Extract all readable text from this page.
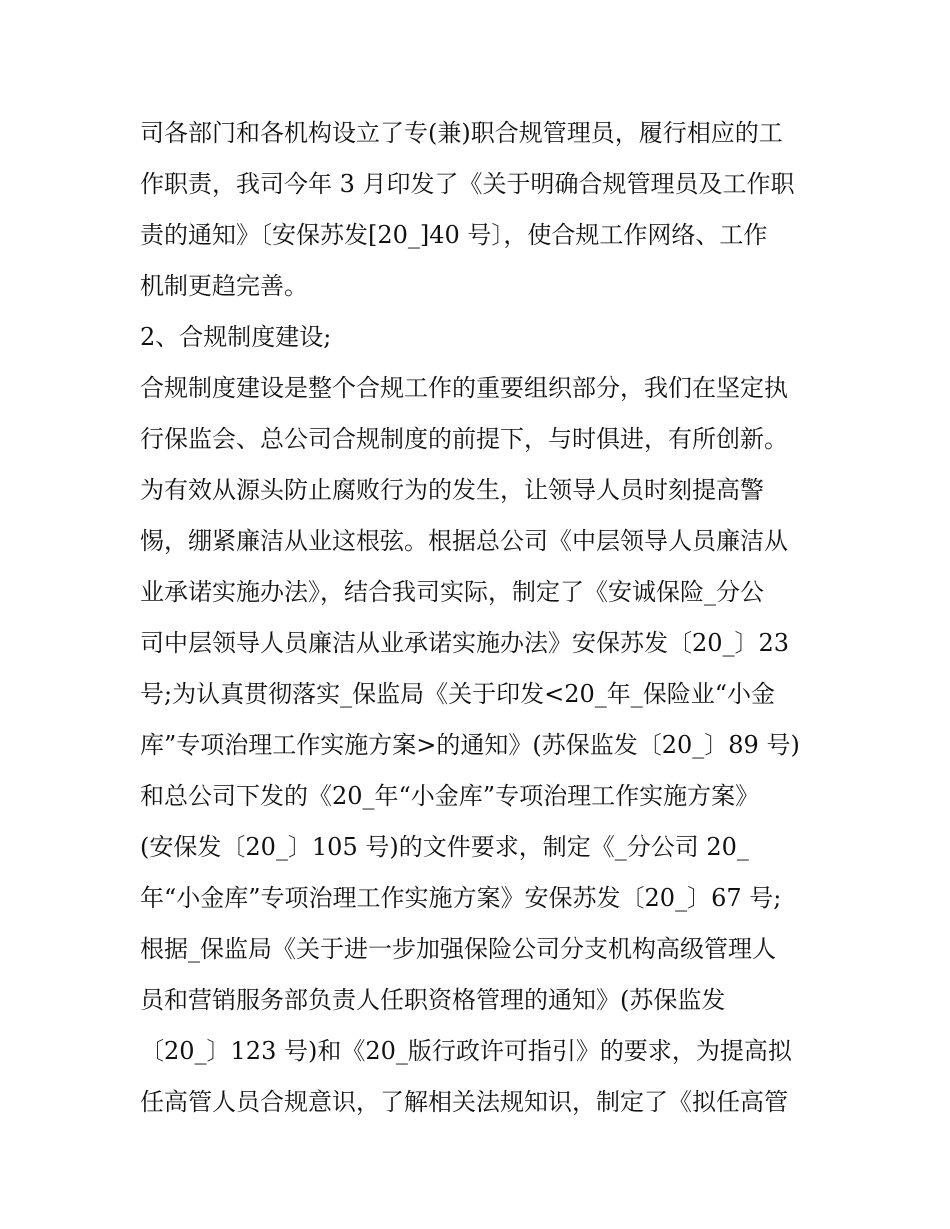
司各部门和各机构设立了专(兼)职合规管理员，履行相应的工
作职责，我司今年 3 月印发了《关于明确合规管理员及工作职
责的通知》〔安保苏发[20_]40 号〕，使合规工作网络、工作
机制更趋完善。
2、合规制度建设;
合规制度建设是整个合规工作的重要组织部分，我们在坚定执
行保监会、总公司合规制度的前提下，与时俱进，有所创新。
为有效从源头防止腐败行为的发生，让领导人员时刻提高警
惕，绷紧廉洁从业这根弦。根据总公司《中层领导人员廉洁从
业承诺实施办法》，结合我司实际，制定了《安诚保险_分公
司中层领导人员廉洁从业承诺实施办法》安保苏发〔20_〕23
号;为认真贯彻落实_保监局《关于印发<20_年_保险业“小金
库”专项治理工作实施方案>的通知》(苏保监发〔20_〕89 号)
和总公司下发的《20_年“小金库”专项治理工作实施方案》
(安保发〔20_〕105 号)的文件要求，制定《_分公司 20_
年“小金库”专项治理工作实施方案》安保苏发〔20_〕67 号;
根据_保监局《关于进一步加强保险公司分支机构高级管理人
员和营销服务部负责人任职资格管理的通知》(苏保监发
〔20_〕123 号)和《20_版行政许可指引》的要求，为提高拟
任高管人员合规意识，了解相关法规知识，制定了《拟任高管
